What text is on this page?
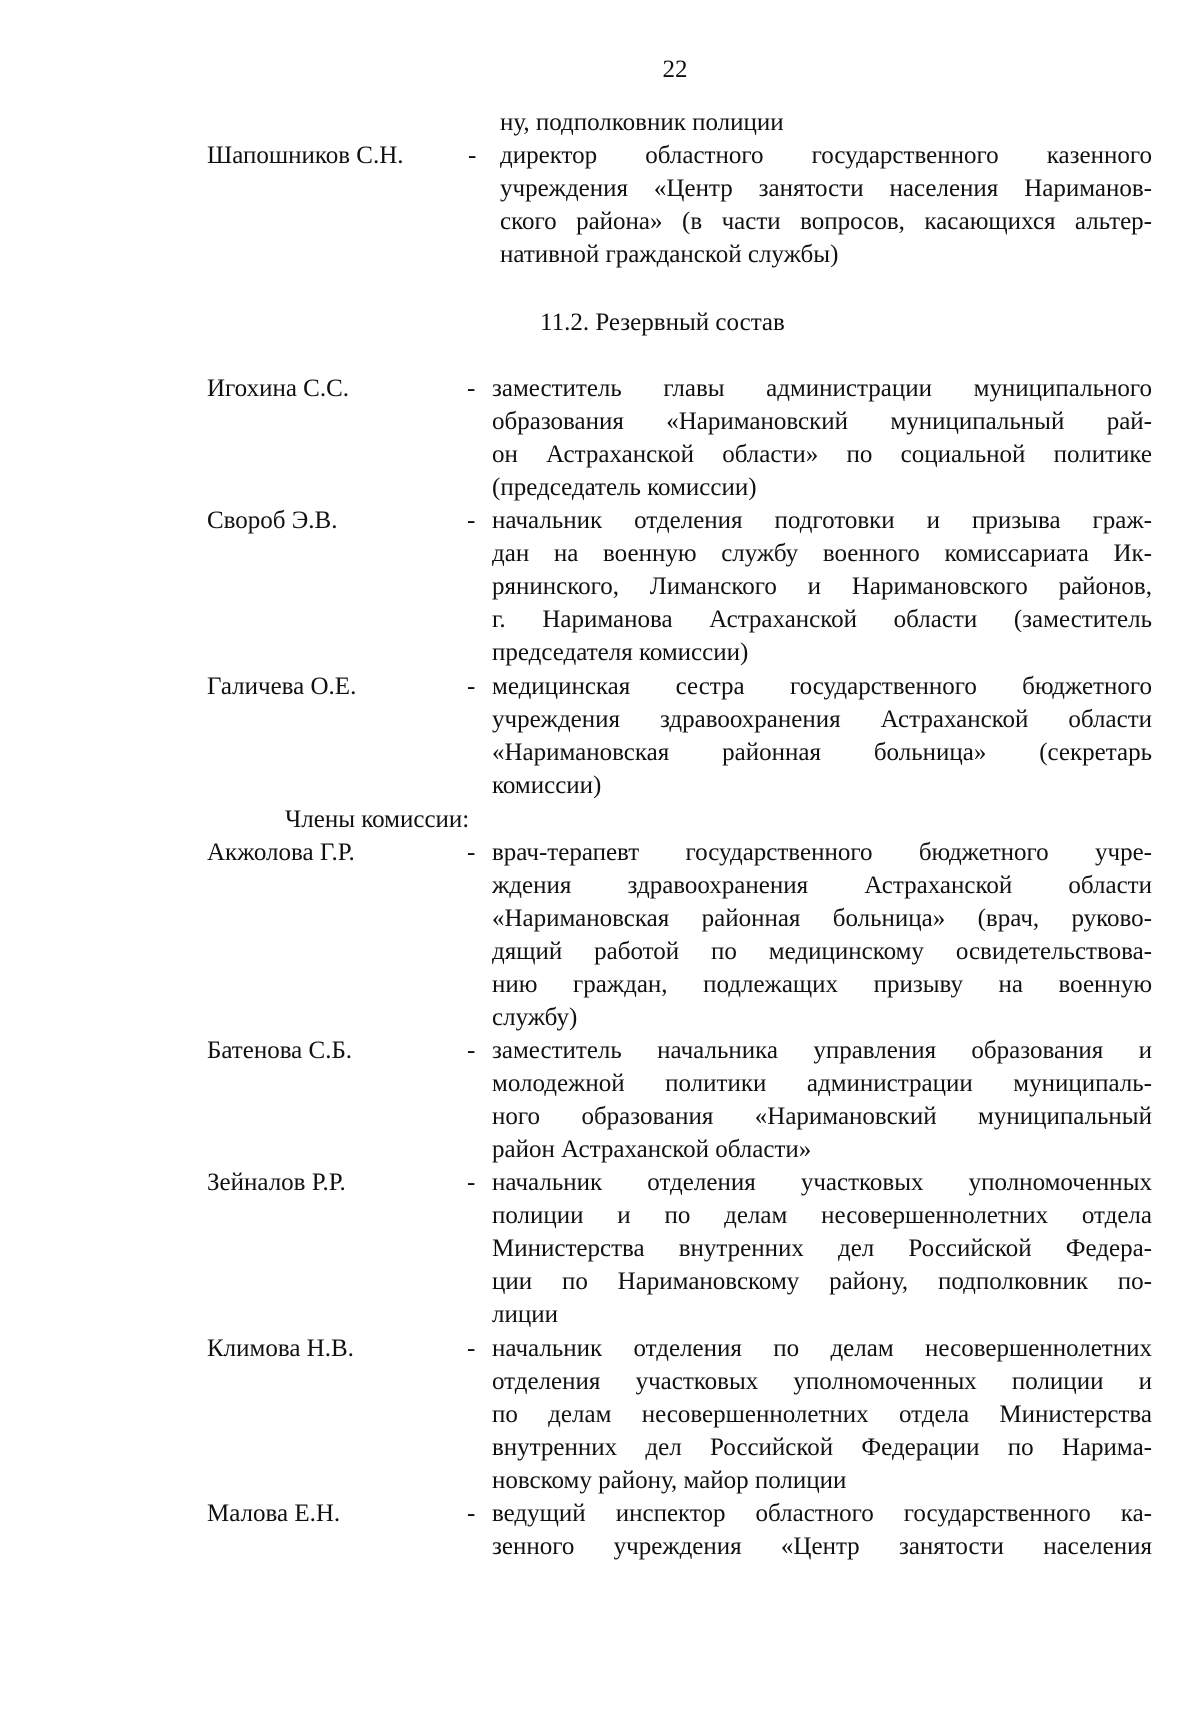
22
ну, подполковник полиции
Шапошников С.Н.	- директор областного государственного казенного
учреждения «Центр занятости населения Нариманов-
ского района» (в части вопросов, касающихся альтер-
нативной гражданской службы)
11.2. Резервный состав
Игохина С.С.	- заместитель главы администрации муниципального
образования «Наримановский муниципальный рай-
он Астраханской области» по социальной политике
(председатель комиссии)
Свороб Э.В.	- начальник отделения подготовки и призыва граж-
дан на военную службу военного комиссариата Ик-
рянинского, Лиманского и Наримановского районов,
г. Нариманова Астраханской области (заместитель
председателя комиссии)
Галичева О.Е.	- медицинская сестра государственного бюджетного
учреждения здравоохранения Астраханской области
«Наримановская районная больница» (секретарь
комиссии)
Члены комиссии:
Акжолова Г.Р.	- врач-терапевт государственного бюджетного учре-
ждения здравоохранения Астраханской области
«Наримановская районная больница» (врач, руково-
дящий работой по медицинскому освидетельствова-
нию граждан, подлежащих призыву на военную
службу)
Батенова С.Б.	- заместитель начальника управления образования и
молодежной политики администрации муниципаль-
ного образования «Наримановский муниципальный
район Астраханской области»
Зейналов Р.Р.	- начальник отделения участковых уполномоченных
полиции и по делам несовершеннолетних отдела
Министерства внутренних дел Российской Федера-
ции по Наримановскому району, подполковник по-
лиции
Климова Н.В.	- начальник отделения по делам несовершеннолетних
отделения участковых уполномоченных полиции и
по делам несовершеннолетних отдела Министерства
внутренних дел Российской Федерации по Нарима-
новскому району, майор полиции
Малова Е.Н.	- ведущий инспектор областного государственного ка-
зенного учреждения «Центр занятости населения
